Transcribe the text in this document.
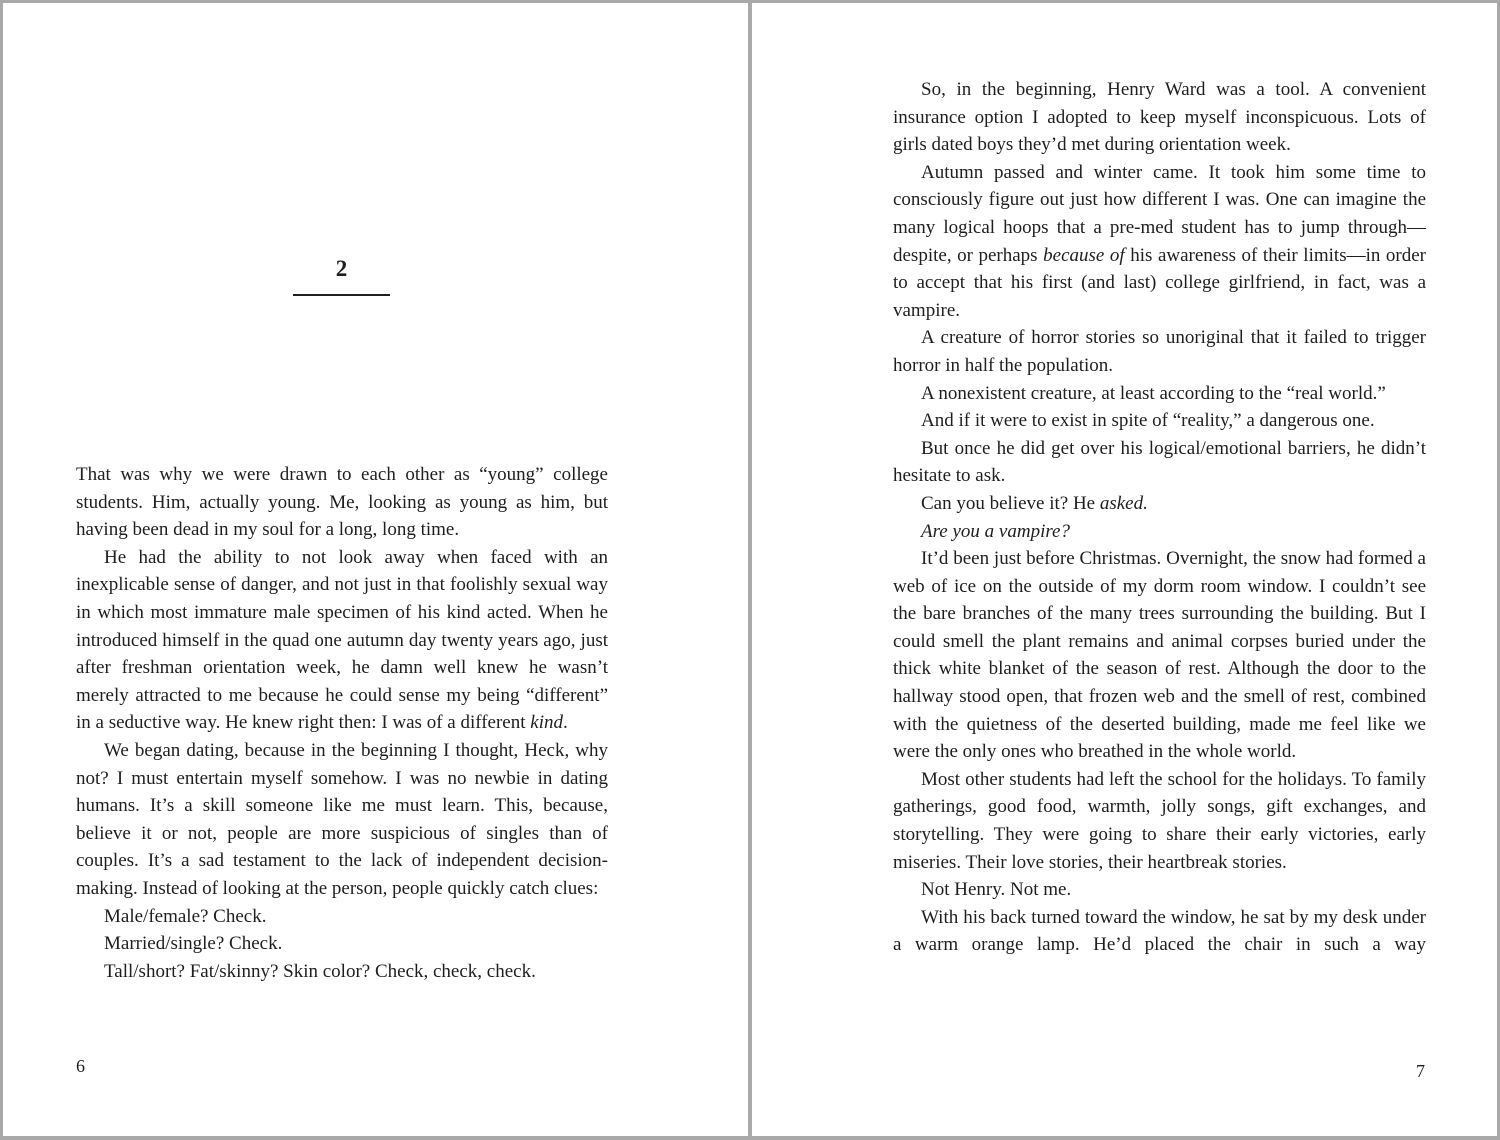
2

That was why we were drawn to each other as “young” college students. Him, actually young. Me, looking as young as him, but having been dead in my soul for a long, long time.

He had the ability to not look away when faced with an inexplicable sense of danger, and not just in that foolishly sexual way in which most immature male specimen of his kind acted. When he introduced himself in the quad one autumn day twenty years ago, just after freshman orientation week, he damn well knew he wasn’t merely attracted to me because he could sense my being “different” in a seductive way. He knew right then: I was of a different kind.

We began dating, because in the beginning I thought, Heck, why not? I must entertain myself somehow. I was no newbie in dating humans. It’s a skill someone like me must learn. This, because, believe it or not, people are more suspicious of singles than of couples. It’s a sad testament to the lack of independent decision-making. Instead of looking at the person, people quickly catch clues:

Male/female? Check.

Married/single? Check.

Tall/short? Fat/skinny? Skin color? Check, check, check.

6

So, in the beginning, Henry Ward was a tool. A convenient insurance option I adopted to keep myself inconspicuous. Lots of girls dated boys they’d met during orientation week.

Autumn passed and winter came. It took him some time to consciously figure out just how different I was. One can imagine the many logical hoops that a pre-med student has to jump through—despite, or perhaps because of his awareness of their limits—in order to accept that his first (and last) college girlfriend, in fact, was a vampire.

A creature of horror stories so unoriginal that it failed to trigger horror in half the population.

A nonexistent creature, at least according to the “real world.”

And if it were to exist in spite of “reality,” a dangerous one.

But once he did get over his logical/emotional barriers, he didn’t hesitate to ask.

Can you believe it? He asked.

Are you a vampire?

It’d been just before Christmas. Overnight, the snow had formed a web of ice on the outside of my dorm room window. I couldn’t see the bare branches of the many trees surrounding the building. But I could smell the plant remains and animal corpses buried under the thick white blanket of the season of rest. Although the door to the hallway stood open, that frozen web and the smell of rest, combined with the quietness of the deserted building, made me feel like we were the only ones who breathed in the whole world.

Most other students had left the school for the holidays. To family gatherings, good food, warmth, jolly songs, gift exchanges, and storytelling. They were going to share their early victories, early miseries. Their love stories, their heartbreak stories.

Not Henry. Not me.

With his back turned toward the window, he sat by my desk under a warm orange lamp. He’d placed the chair in such a way

7
